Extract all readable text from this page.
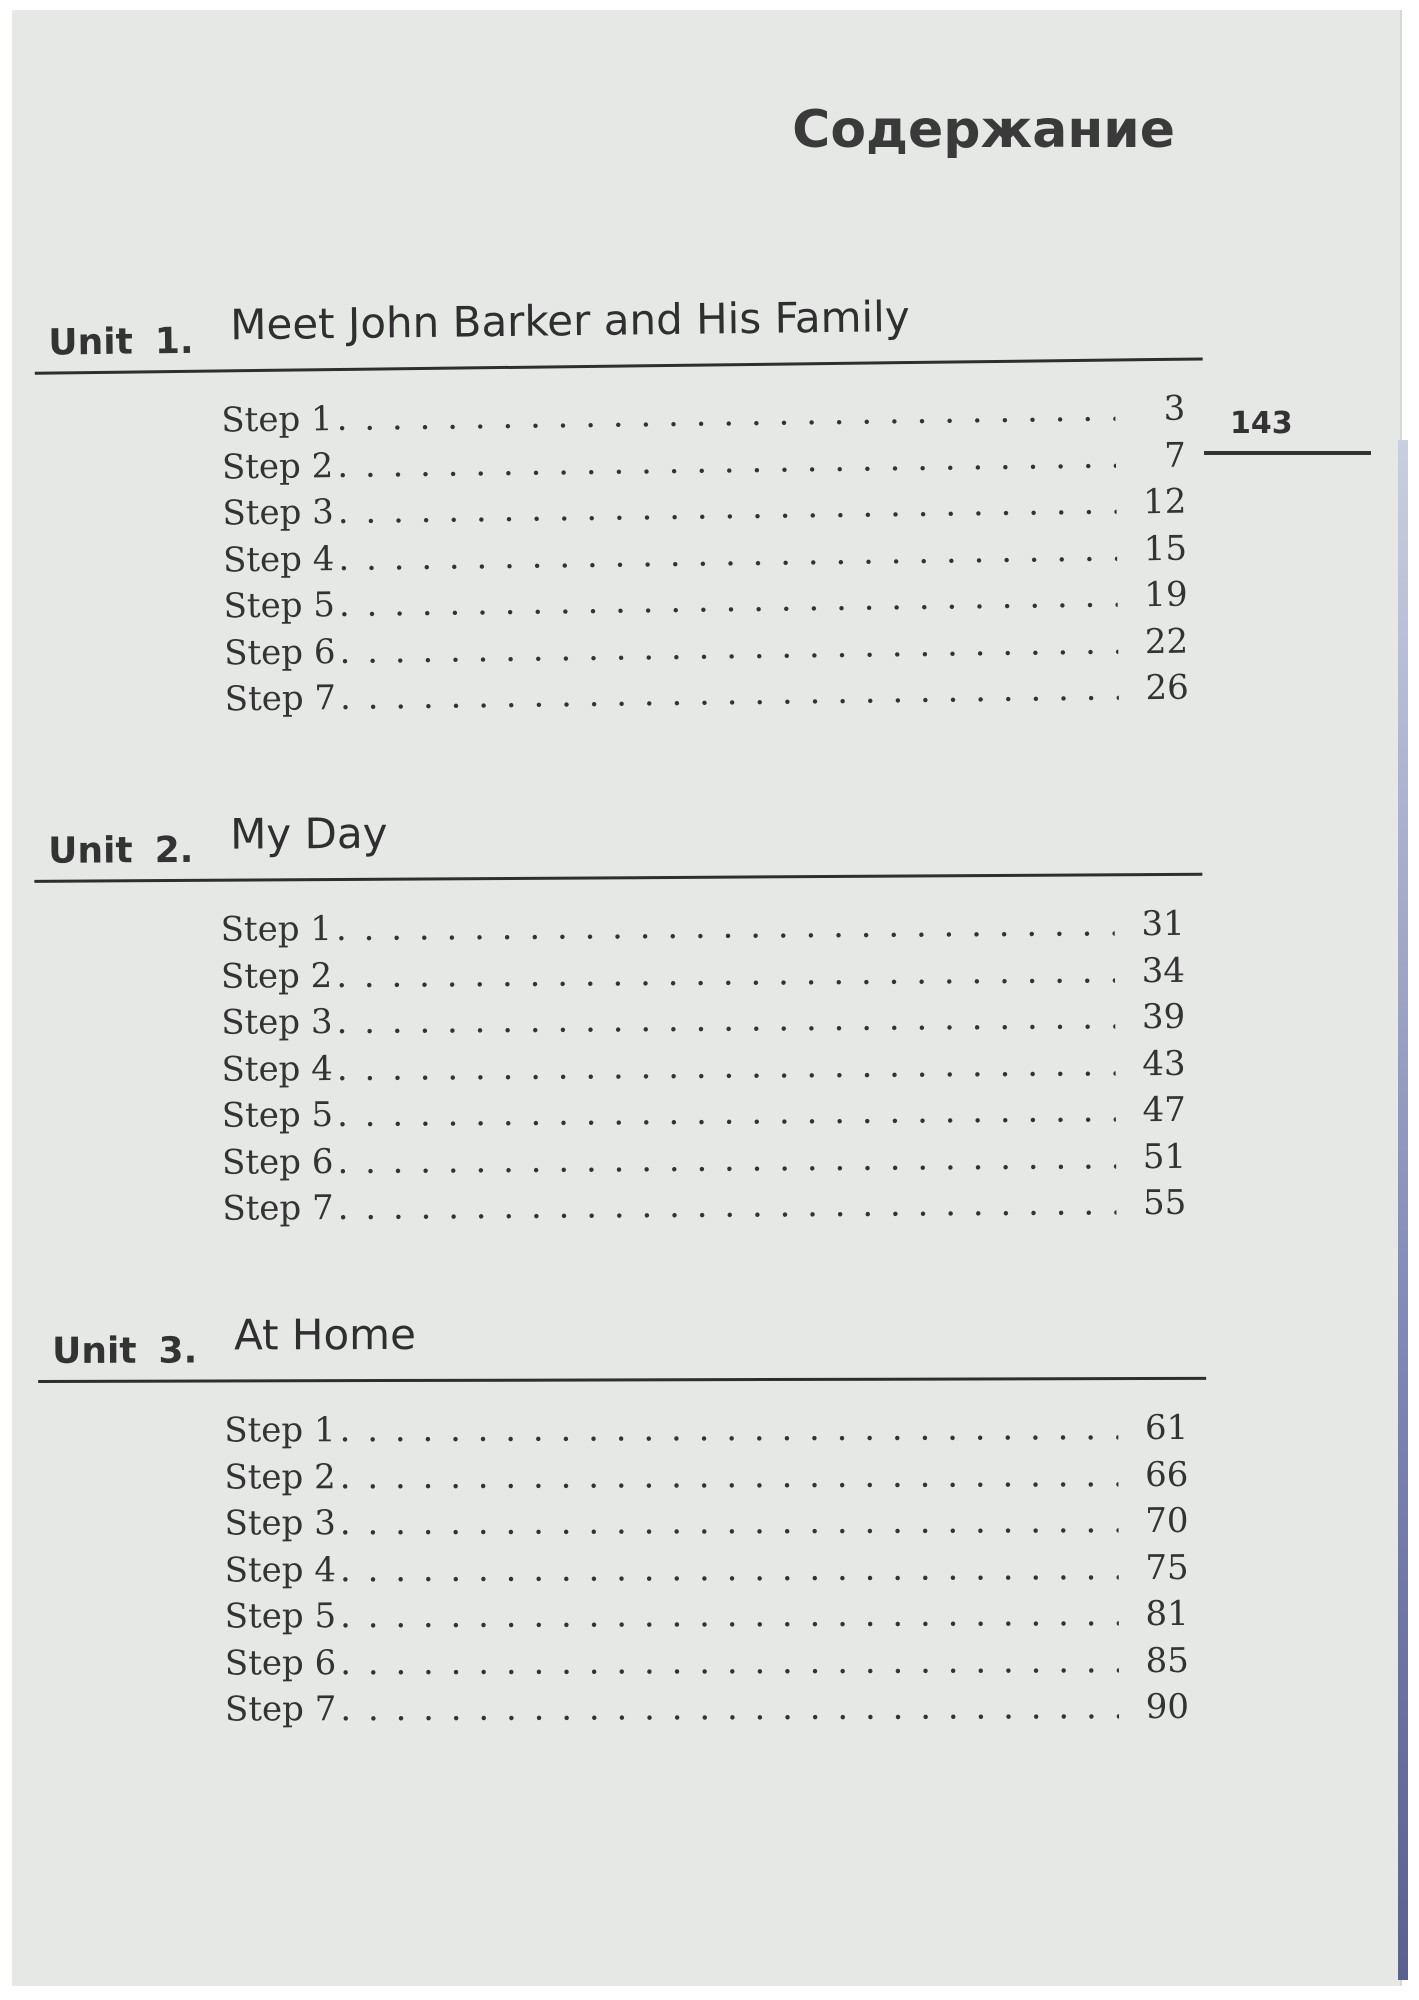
Содержание
143
Unit 1. Meet John Barker and His Family
Step 1 . . .	3
Step 2 . . .	7
Step 3 . . .	12
Step 4 . . .	15
Step 5 . . .	19
Step 6 . . .	22
Step 7 . . .	26
Unit 2. My Day
Step 1 . . .	31
Step 2 . . .	34
Step 3 . . .	39
Step 4 . . .	43
Step 5 . . .	47
Step 6 . . .	51
Step 7 . . .	55
Unit 3. At Home
Step 1 . . .	61
Step 2 . . .	66
Step 3 . . .	70
Step 4 . . .	75
Step 5 . . .	81
Step 6 . . .	85
Step 7 . . .	90
